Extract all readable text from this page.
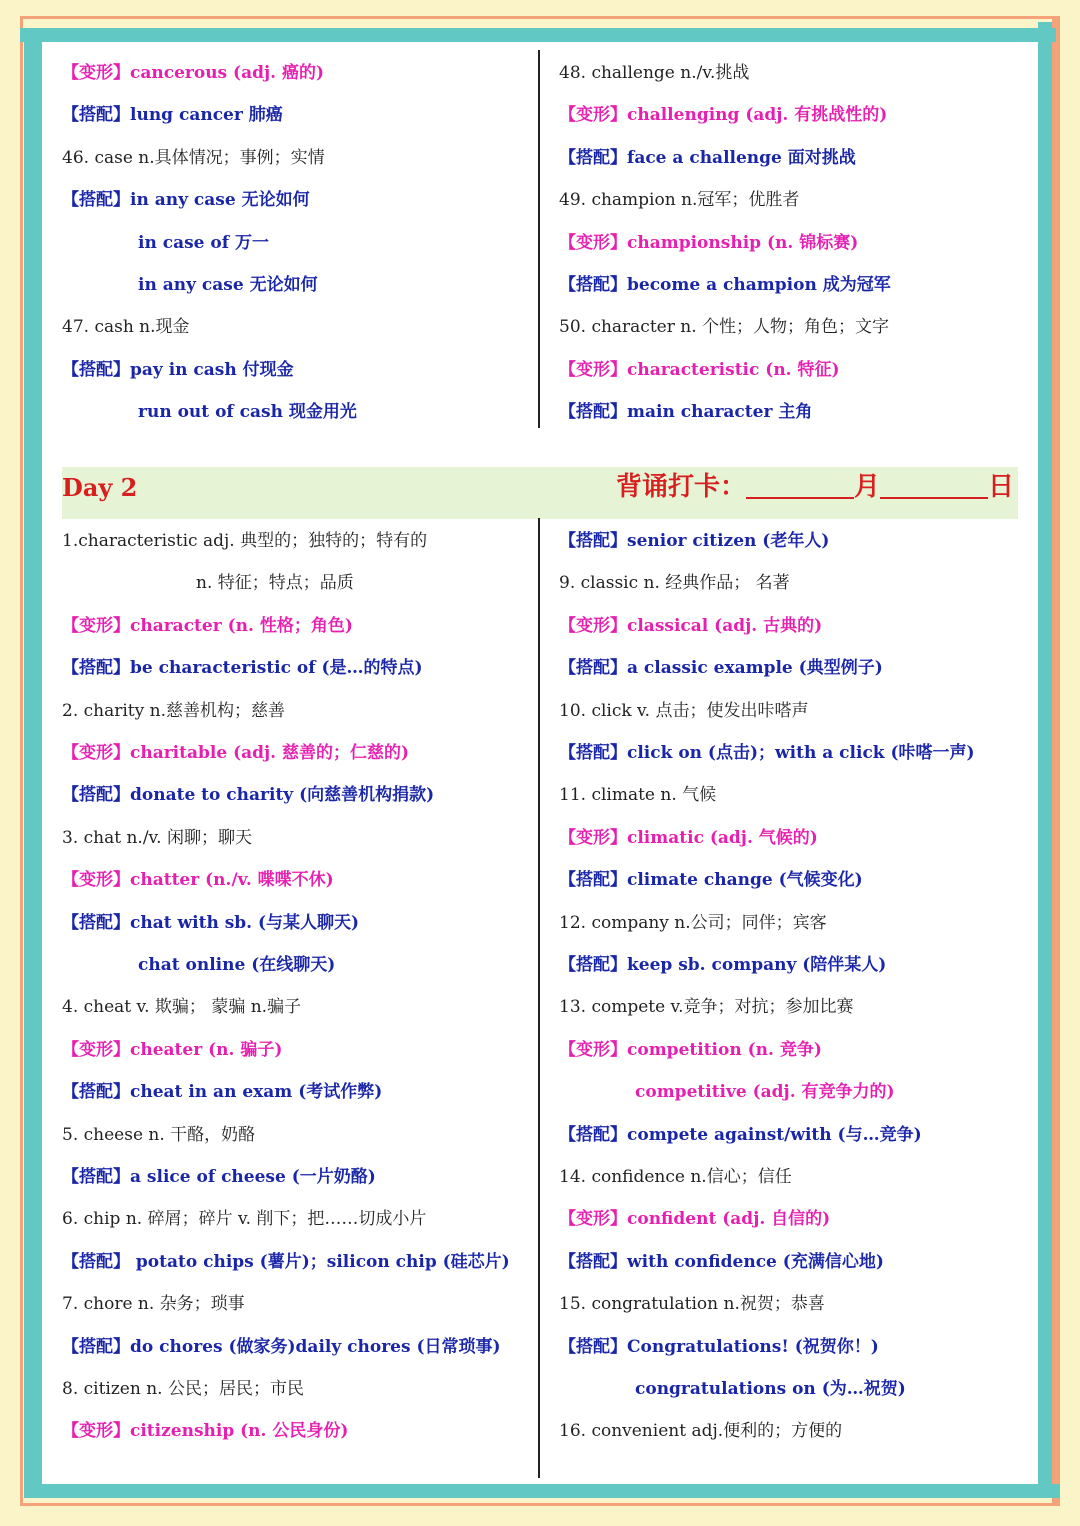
【变形】cancerous (adj. 癌的)
【搭配】lung cancer 肺癌
46. case n.具体情况；事例；实情
【搭配】in any case 无论如何
in case of 万一
in any case 无论如何
47. cash n.现金
【搭配】pay in cash 付现金
run out of cash 现金用光
48. challenge n./v.挑战
【变形】challenging (adj. 有挑战性的)
【搭配】face a challenge 面对挑战
49. champion n.冠军；优胜者
【变形】championship (n. 锦标赛)
【搭配】become a champion 成为冠军
50. character n. 个性；人物；角色；文字
【变形】characteristic (n. 特征)
【搭配】main character 主角
Day 2	背诵打卡：	月	日
1.characteristic adj. 典型的；独特的；特有的
n. 特征；特点；品质
【变形】character (n. 性格；角色)
【搭配】be characteristic of (是…的特点)
2. charity n.慈善机构；慈善
【变形】charitable (adj. 慈善的；仁慈的)
【搭配】donate to charity (向慈善机构捐款)
3. chat n./v. 闲聊；聊天
【变形】chatter (n./v. 喋喋不休)
【搭配】chat with sb. (与某人聊天)
chat online (在线聊天)
4. cheat v. 欺骗； 蒙骗 n.骗子
【变形】cheater (n. 骗子)
【搭配】cheat in an exam (考试作弊)
5. cheese n. 干酪，奶酪
【搭配】a slice of cheese (一片奶酪)
6. chip n. 碎屑；碎片 v. 削下；把……切成小片
【搭配】 potato chips (薯片)；silicon chip (硅芯片)
7. chore n. 杂务；琐事
【搭配】do chores (做家务)daily chores (日常琐事)
8. citizen n. 公民；居民；市民
【变形】citizenship (n. 公民身份)
【搭配】senior citizen (老年人)
9. classic n. 经典作品； 名著
【变形】classical (adj. 古典的)
【搭配】a classic example (典型例子)
10. click v. 点击；使发出咔嗒声
【搭配】click on (点击)；with a click (咔嗒一声)
11. climate n. 气候
【变形】climatic (adj. 气候的)
【搭配】climate change (气候变化)
12. company n.公司；同伴；宾客
【搭配】keep sb. company (陪伴某人)
13. compete v.竞争；对抗；参加比赛
【变形】competition (n. 竞争)
competitive (adj. 有竞争力的)
【搭配】compete against/with (与…竞争)
14. confidence n.信心；信任
【变形】confident (adj. 自信的)
【搭配】with confidence (充满信心地)
15. congratulation n.祝贺；恭喜
【搭配】Congratulations! (祝贺你！)
congratulations on (为…祝贺)
16. convenient adj.便利的；方便的
